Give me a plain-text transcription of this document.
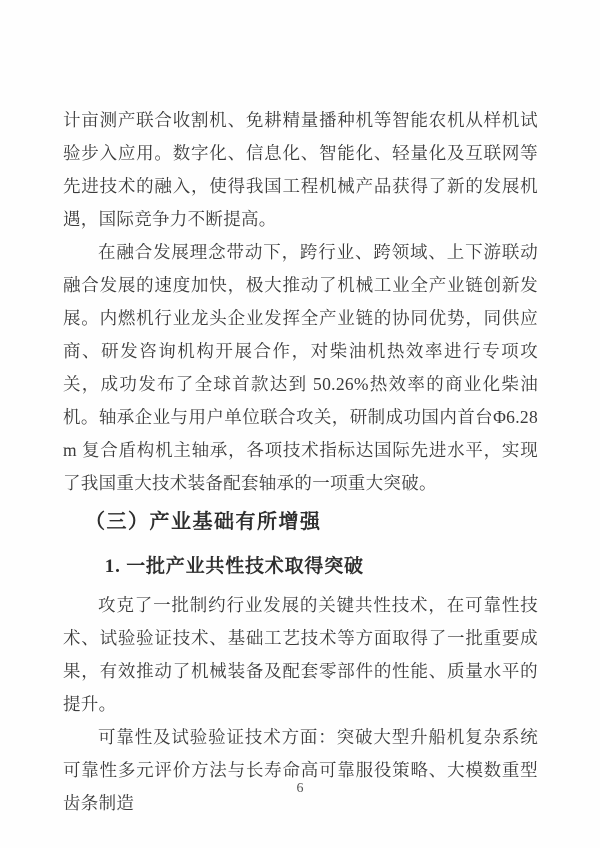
计亩测产联合收割机、免耕精量播种机等智能农机从样机试验步入应用。数字化、信息化、智能化、轻量化及互联网等先进技术的融入，使得我国工程机械产品获得了新的发展机遇，国际竞争力不断提高。

在融合发展理念带动下，跨行业、跨领域、上下游联动融合发展的速度加快，极大推动了机械工业全产业链创新发展。内燃机行业龙头企业发挥全产业链的协同优势，同供应商、研发咨询机构开展合作，对柴油机热效率进行专项攻关，成功发布了全球首款达到 50.26%热效率的商业化柴油机。轴承企业与用户单位联合攻关，研制成功国内首台Φ6.28m 复合盾构机主轴承，各项技术指标达国际先进水平，实现了我国重大技术装备配套轴承的一项重大突破。

（三）产业基础有所增强
1. 一批产业共性技术取得突破

攻克了一批制约行业发展的关键共性技术，在可靠性技术、试验验证技术、基础工艺技术等方面取得了一批重要成果，有效推动了机械装备及配套零部件的性能、质量水平的提升。

可靠性及试验验证技术方面：突破大型升船机复杂系统可靠性多元评价方法与长寿命高可靠服役策略、大模数重型齿条制造

6
